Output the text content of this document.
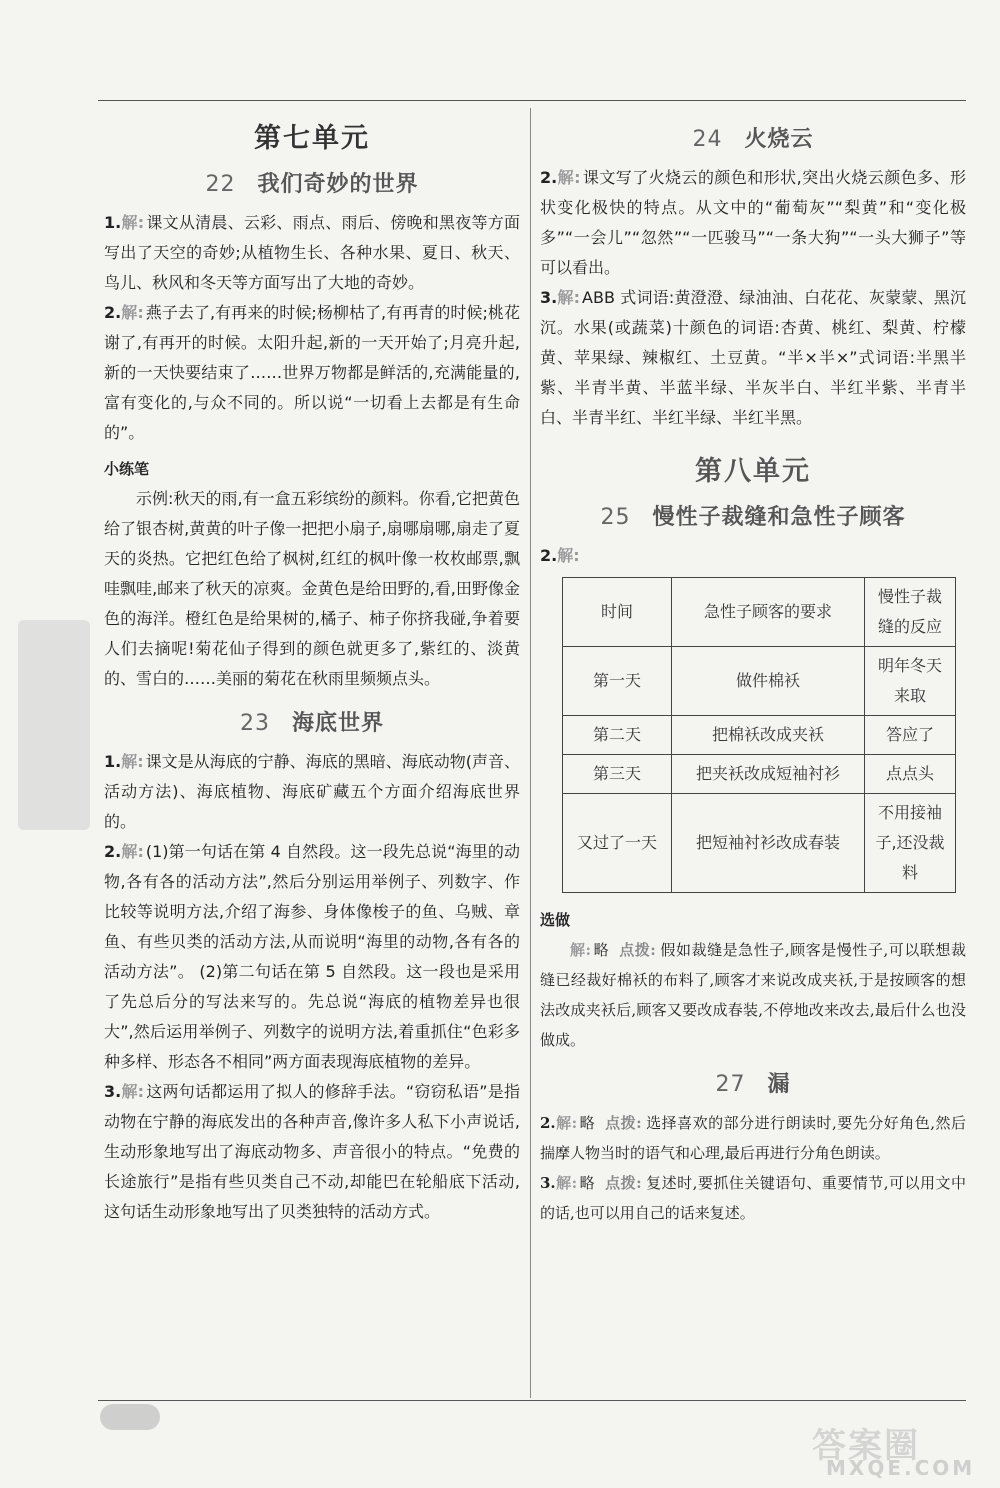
第七单元
22 我们奇妙的世界

1.解: 课文从清晨、云彩、雨点、雨后、傍晚和黑夜等方面写出了天空的奇妙;从植物生长、各种水果、夏日、秋天、鸟儿、秋风和冬天等方面写出了大地的奇妙。

2.解: 燕子去了,有再来的时候;杨柳枯了,有再青的时候;桃花谢了,有再开的时候。太阳升起,新的一天开始了;月亮升起,新的一天快要结束了……世界万物都是鲜活的,充满能量的,富有变化的,与众不同的。所以说“一切看上去都是有生命的”。

小练笔

示例:秋天的雨,有一盒五彩缤纷的颜料。你看,它把黄色给了银杏树,黄黄的叶子像一把把小扇子,扇哪扇哪,扇走了夏天的炎热。它把红色给了枫树,红红的枫叶像一枚枚邮票,飘哇飘哇,邮来了秋天的凉爽。金黄色是给田野的,看,田野像金色的海洋。橙红色是给果树的,橘子、柿子你挤我碰,争着要人们去摘呢!菊花仙子得到的颜色就更多了,紫红的、淡黄的、雪白的……美丽的菊花在秋雨里频频点头。

23 海底世界

1.解: 课文是从海底的宁静、海底的黑暗、海底动物(声音、活动方法)、海底植物、海底矿藏五个方面介绍海底世界的。

2.解: (1)第一句话在第 4 自然段。这一段先总说“海里的动物,各有各的活动方法”,然后分别运用举例子、列数字、作比较等说明方法,介绍了海参、身体像梭子的鱼、乌贼、章鱼、有些贝类的活动方法,从而说明“海里的动物,各有各的活动方法”。 (2)第二句话在第 5 自然段。这一段也是采用了先总后分的写法来写的。先总说“海底的植物差异也很大”,然后运用举例子、列数字的说明方法,着重抓住“色彩多种多样、形态各不相同”两方面表现海底植物的差异。

3.解: 这两句话都运用了拟人的修辞手法。“窃窃私语”是指动物在宁静的海底发出的各种声音,像许多人私下小声说话,生动形象地写出了海底动物多、声音很小的特点。“免费的长途旅行”是指有些贝类自己不动,却能巴在轮船底下活动,这句话生动形象地写出了贝类独特的活动方式。

24 火烧云

2.解: 课文写了火烧云的颜色和形状,突出火烧云颜色多、形状变化极快的特点。从文中的“葡萄灰”“梨黄”和“变化极多”“一会儿”“忽然”“一匹骏马”“一条大狗”“一头大狮子”等可以看出。

3.解: ABB 式词语:黄澄澄、绿油油、白花花、灰蒙蒙、黑沉沉。水果(或蔬菜)十颜色的词语:杏黄、桃红、梨黄、柠檬黄、苹果绿、辣椒红、土豆黄。“半×半×”式词语:半黑半紫、半青半黄、半蓝半绿、半灰半白、半红半紫、半青半白、半青半红、半红半绿、半红半黑。

第八单元
25 慢性子裁缝和急性子顾客

2.解:

时间	急性子顾客的要求	慢性子裁缝的反应
第一天	做件棉袄	明年冬天来取
第二天	把棉袄改成夹袄	答应了
第三天	把夹袄改成短袖衬衫	点点头
又过了一天	把短袖衬衫改成春装	不用接袖子,还没裁料
选做

解: 略 点拨: 假如裁缝是急性子,顾客是慢性子,可以联想裁缝已经裁好棉袄的布料了,顾客才来说改成夹袄,于是按顾客的想法改成夹袄后,顾客又要改成春装,不停地改来改去,最后什么也没做成。

27 漏

2.解: 略 点拨: 选择喜欢的部分进行朗读时,要先分好角色,然后揣摩人物当时的语气和心理,最后再进行分角色朗读。

3.解: 略 点拨: 复述时,要抓住关键语句、重要情节,可以用文中的话,也可以用自己的话来复述。

答案圈
MXQE.COM
